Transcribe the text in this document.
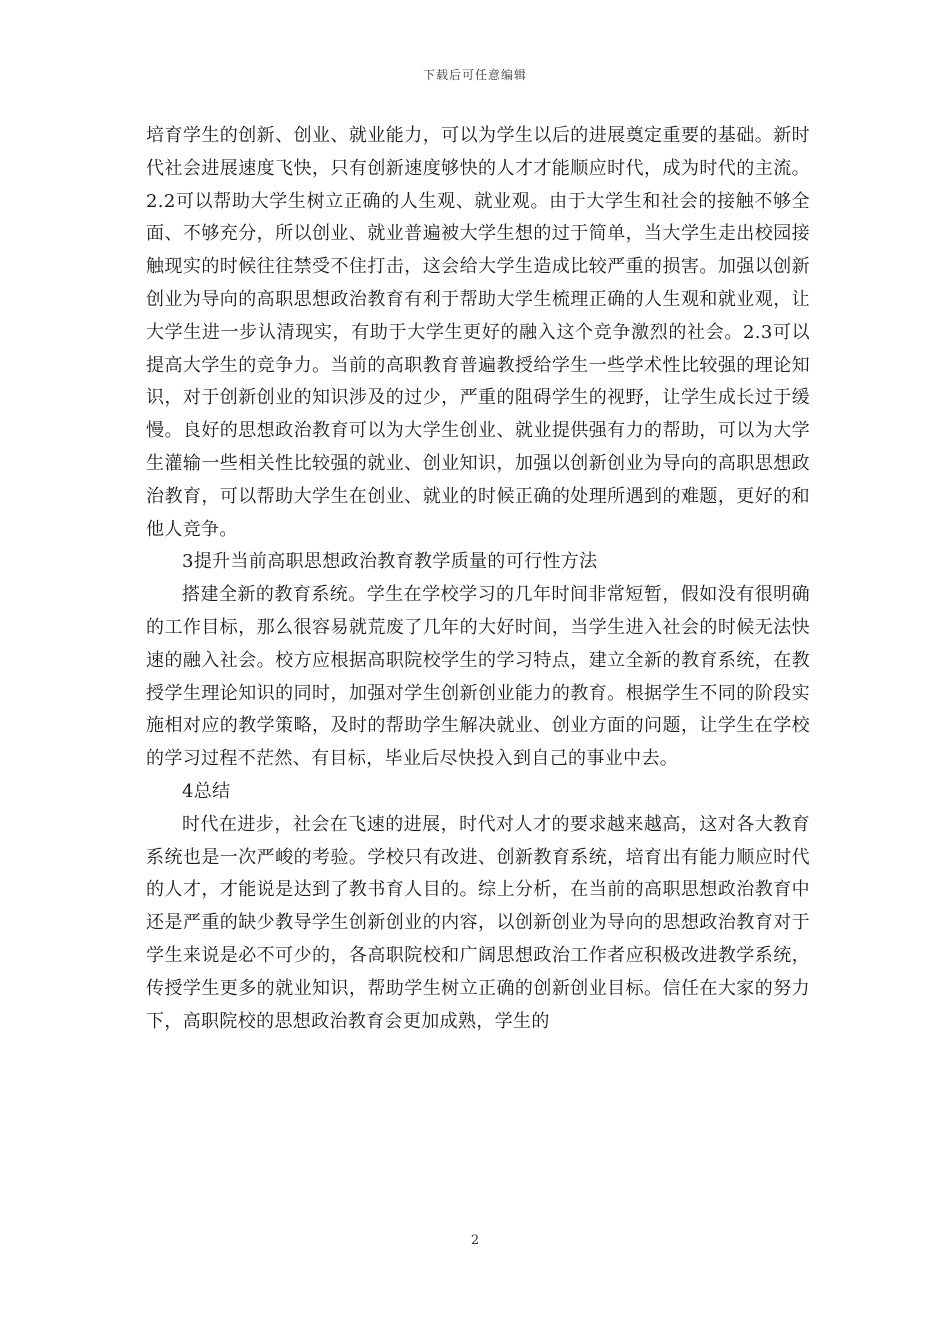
下载后可任意编辑

培育学生的创新、创业、就业能力，可以为学生以后的进展奠定重要的基础。新时代社会进展速度飞快，只有创新速度够快的人才才能顺应时代，成为时代的主流。2.2可以帮助大学生树立正确的人生观、就业观。由于大学生和社会的接触不够全面、不够充分，所以创业、就业普遍被大学生想的过于简单，当大学生走出校园接触现实的时候往往禁受不住打击，这会给大学生造成比较严重的损害。加强以创新创业为导向的高职思想政治教育有利于帮助大学生梳理正确的人生观和就业观，让大学生进一步认清现实，有助于大学生更好的融入这个竞争激烈的社会。2.3可以提高大学生的竞争力。当前的高职教育普遍教授给学生一些学术性比较强的理论知识，对于创新创业的知识涉及的过少，严重的阻碍学生的视野，让学生成长过于缓慢。良好的思想政治教育可以为大学生创业、就业提供强有力的帮助，可以为大学生灌输一些相关性比较强的就业、创业知识，加强以创新创业为导向的高职思想政治教育，可以帮助大学生在创业、就业的时候正确的处理所遇到的难题，更好的和他人竞争。

3提升当前高职思想政治教育教学质量的可行性方法

搭建全新的教育系统。学生在学校学习的几年时间非常短暂，假如没有很明确的工作目标，那么很容易就荒废了几年的大好时间，当学生进入社会的时候无法快速的融入社会。校方应根据高职院校学生的学习特点，建立全新的教育系统，在教授学生理论知识的同时，加强对学生创新创业能力的教育。根据学生不同的阶段实施相对应的教学策略，及时的帮助学生解决就业、创业方面的问题，让学生在学校的学习过程不茫然、有目标，毕业后尽快投入到自己的事业中去。

4总结

时代在进步，社会在飞速的进展，时代对人才的要求越来越高，这对各大教育系统也是一次严峻的考验。学校只有改进、创新教育系统，培育出有能力顺应时代的人才，才能说是达到了教书育人目的。综上分析，在当前的高职思想政治教育中还是严重的缺少教导学生创新创业的内容，以创新创业为导向的思想政治教育对于学生来说是必不可少的，各高职院校和广阔思想政治工作者应积极改进教学系统，传授学生更多的就业知识，帮助学生树立正确的创新创业目标。信任在大家的努力下，高职院校的思想政治教育会更加成熟，学生的

2
